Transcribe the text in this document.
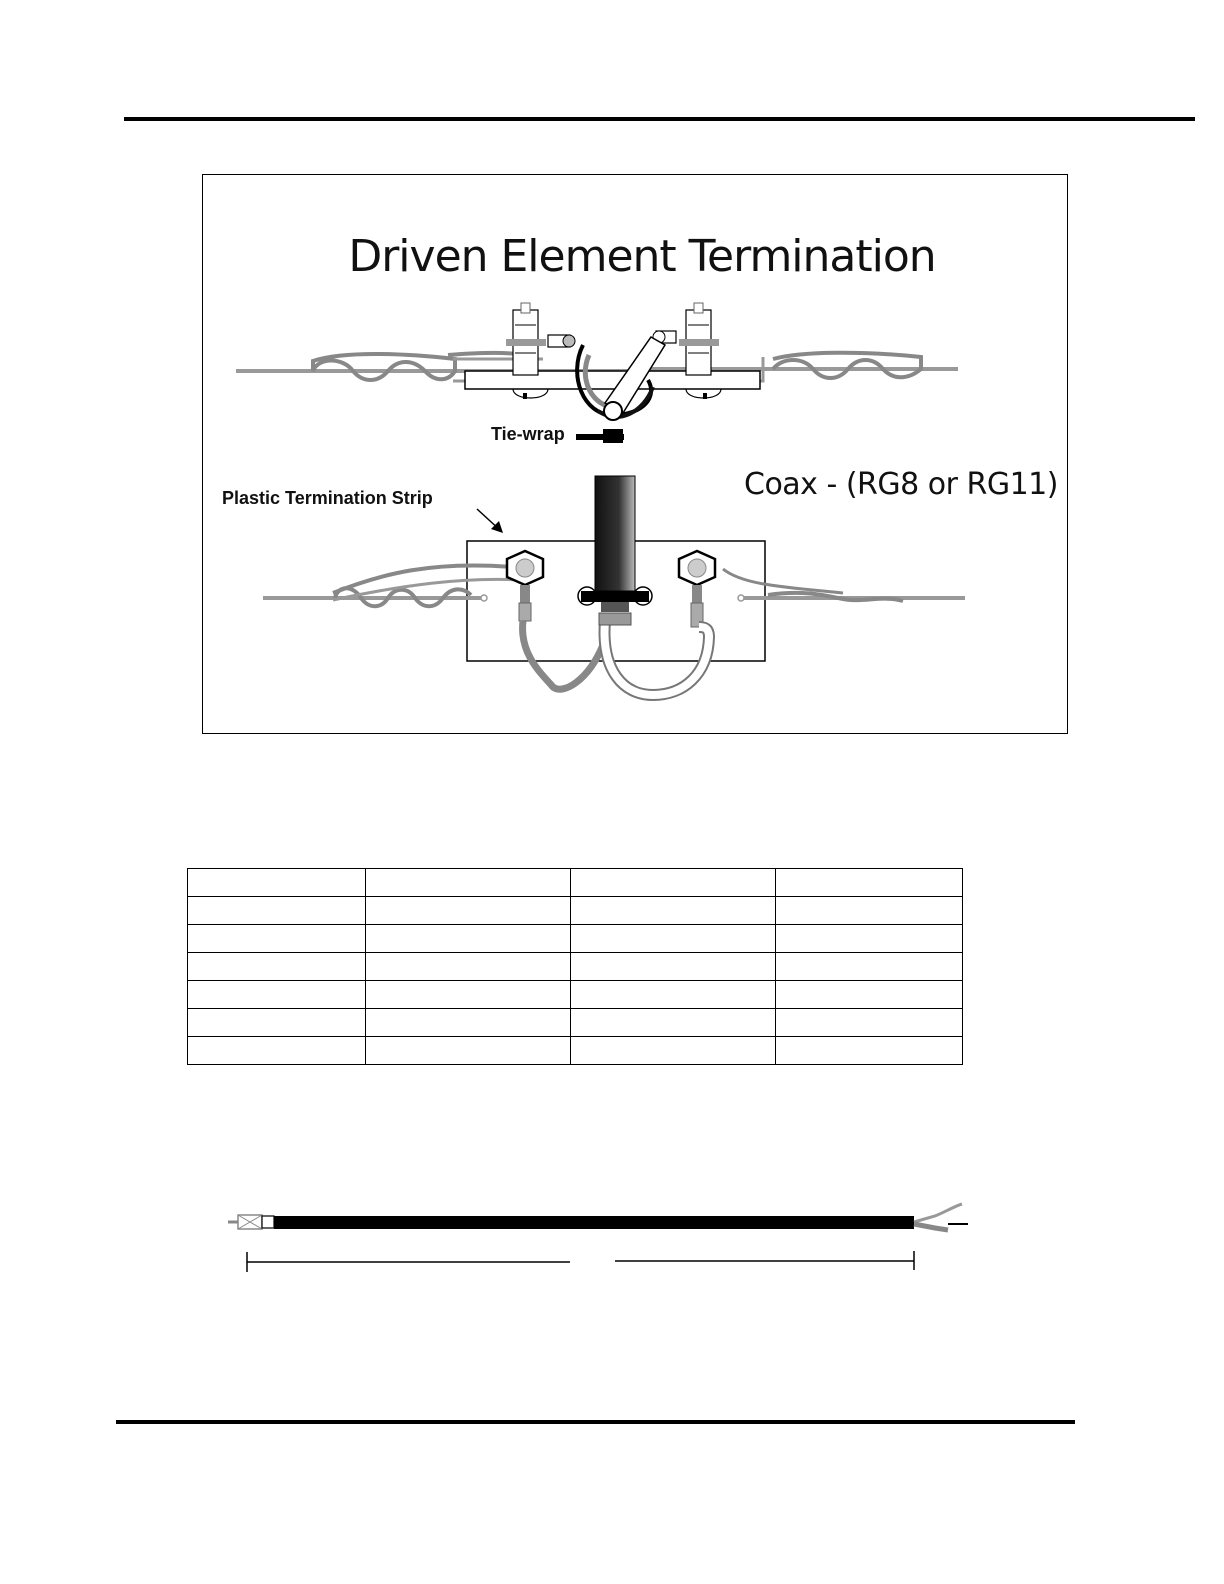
Driven Element Termination
Tie-wrap
Plastic Termination Strip	Coax - (RG8 or RG11)
